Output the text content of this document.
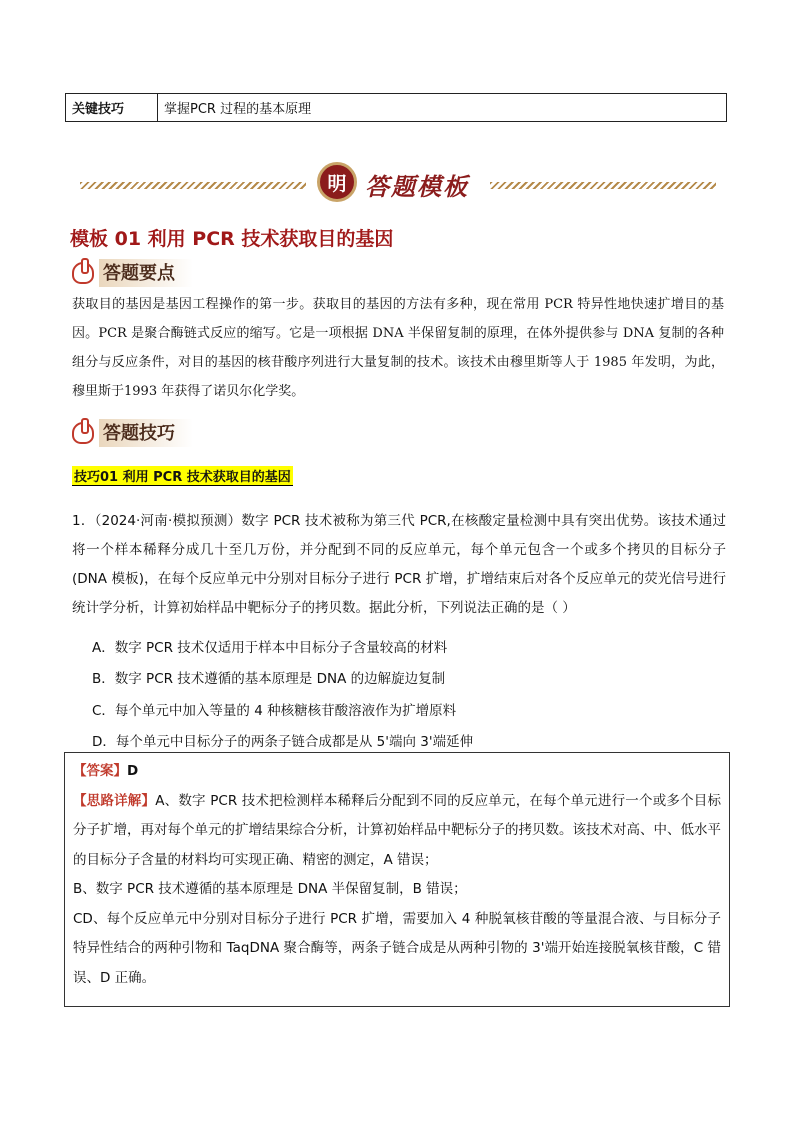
关键技巧	掌握PCR 过程的基本原理
明 答题模板
模板 01 利用 PCR 技术获取目的基因
答题要点
获取目的基因是基因工程操作的第一步。获取目的基因的方法有多种，现在常用 PCR 特异性地快速扩增目的基因。PCR 是聚合酶链式反应的缩写。它是一项根据 DNA 半保留复制的原理，在体外提供参与 DNA 复制的各种组分与反应条件，对目的基因的核苷酸序列进行大量复制的技术。该技术由穆里斯等人于 1985 年发明，为此，穆里斯于1993 年获得了诺贝尔化学奖。
答题技巧
技巧01 利用 PCR 技术获取目的基因
1．（2024·河南·模拟预测）数字 PCR 技术被称为第三代 PCR,在核酸定量检测中具有突出优势。该技术通过将一个样本稀释分成几十至几万份，并分配到不同的反应单元，每个单元包含一个或多个拷贝的目标分子(DNA 模板)，在每个反应单元中分别对目标分子进行 PCR 扩增，扩增结束后对各个反应单元的荧光信号进行统计学分析，计算初始样品中靶标分子的拷贝数。据此分析，下列说法正确的是（ ）
A．数字 PCR 技术仅适用于样本中目标分子含量较高的材料
B．数字 PCR 技术遵循的基本原理是 DNA 的边解旋边复制
C．每个单元中加入等量的 4 种核糖核苷酸溶液作为扩增原料
D．每个单元中目标分子的两条子链合成都是从 5'端向 3'端延伸
【答案】D
【思路详解】A、数字 PCR 技术把检测样本稀释后分配到不同的反应单元，在每个单元进行一个或多个目标分子扩增，再对每个单元的扩增结果综合分析，计算初始样品中靶标分子的拷贝数。该技术对高、中、低水平的目标分子含量的材料均可实现正确、精密的测定，A 错误；
B、数字 PCR 技术遵循的基本原理是 DNA 半保留复制，B 错误；
CD、每个反应单元中分别对目标分子进行 PCR 扩增，需要加入 4 种脱氧核苷酸的等量混合液、与目标分子特异性结合的两种引物和 TaqDNA 聚合酶等，两条子链合成是从两种引物的 3'端开始连接脱氧核苷酸，C 错误、D 正确。
